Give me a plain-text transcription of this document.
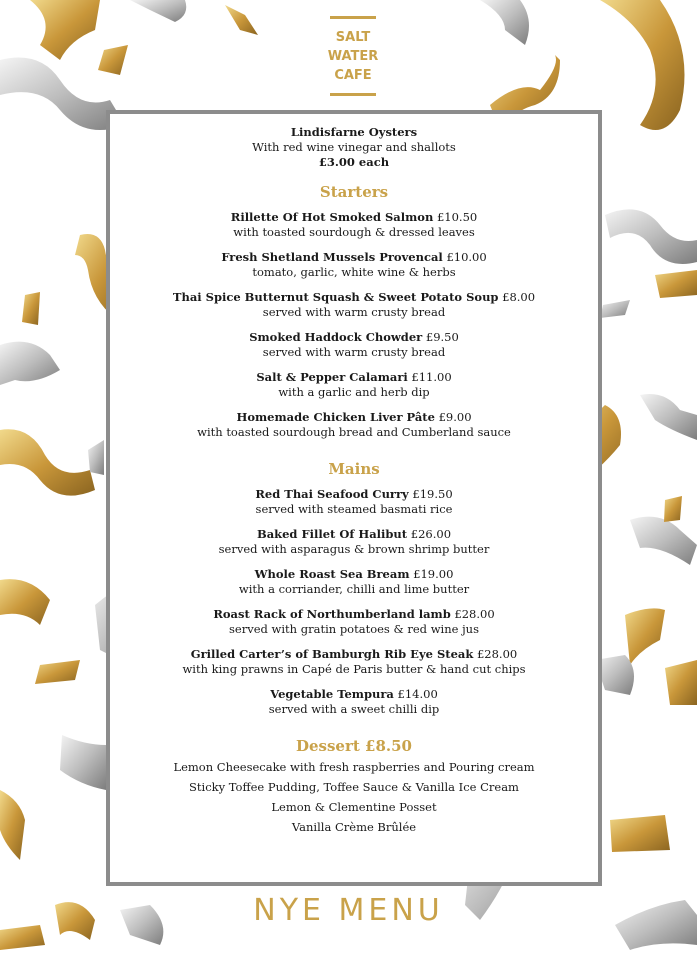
SALT
WATER
CAFE
Lindisfarne Oysters
With red wine vinegar and shallots
£3.00 each
Starters
Rillette Of Hot Smoked Salmon £10.50
with toasted sourdough & dressed leaves
Fresh Shetland Mussels Provencal £10.00
tomato, garlic, white wine & herbs
Thai Spice Butternut Squash & Sweet Potato Soup £8.00
served with warm crusty bread
Smoked Haddock Chowder £9.50
served with warm crusty bread
Salt & Pepper Calamari £11.00
with a garlic and herb dip
Homemade Chicken Liver Pâte £9.00
with toasted sourdough bread and Cumberland sauce
Mains
Red Thai Seafood Curry £19.50
served with steamed basmati rice
Baked Fillet Of Halibut £26.00
served with asparagus & brown shrimp butter
Whole Roast Sea Bream £19.00
with a corriander, chilli and lime butter
Roast Rack of Northumberland lamb £28.00
served with gratin potatoes & red wine jus
Grilled Carter’s of Bamburgh Rib Eye Steak £28.00
with king prawns in Capé de Paris butter & hand cut chips
Vegetable Tempura £14.00
served with a sweet chilli dip
Dessert £8.50
Lemon Cheesecake with fresh raspberries and Pouring cream
Sticky Toffee Pudding, Toffee Sauce & Vanilla Ice Cream
Lemon & Clementine Posset
Vanilla Crème Brûlée
NYE MENU
